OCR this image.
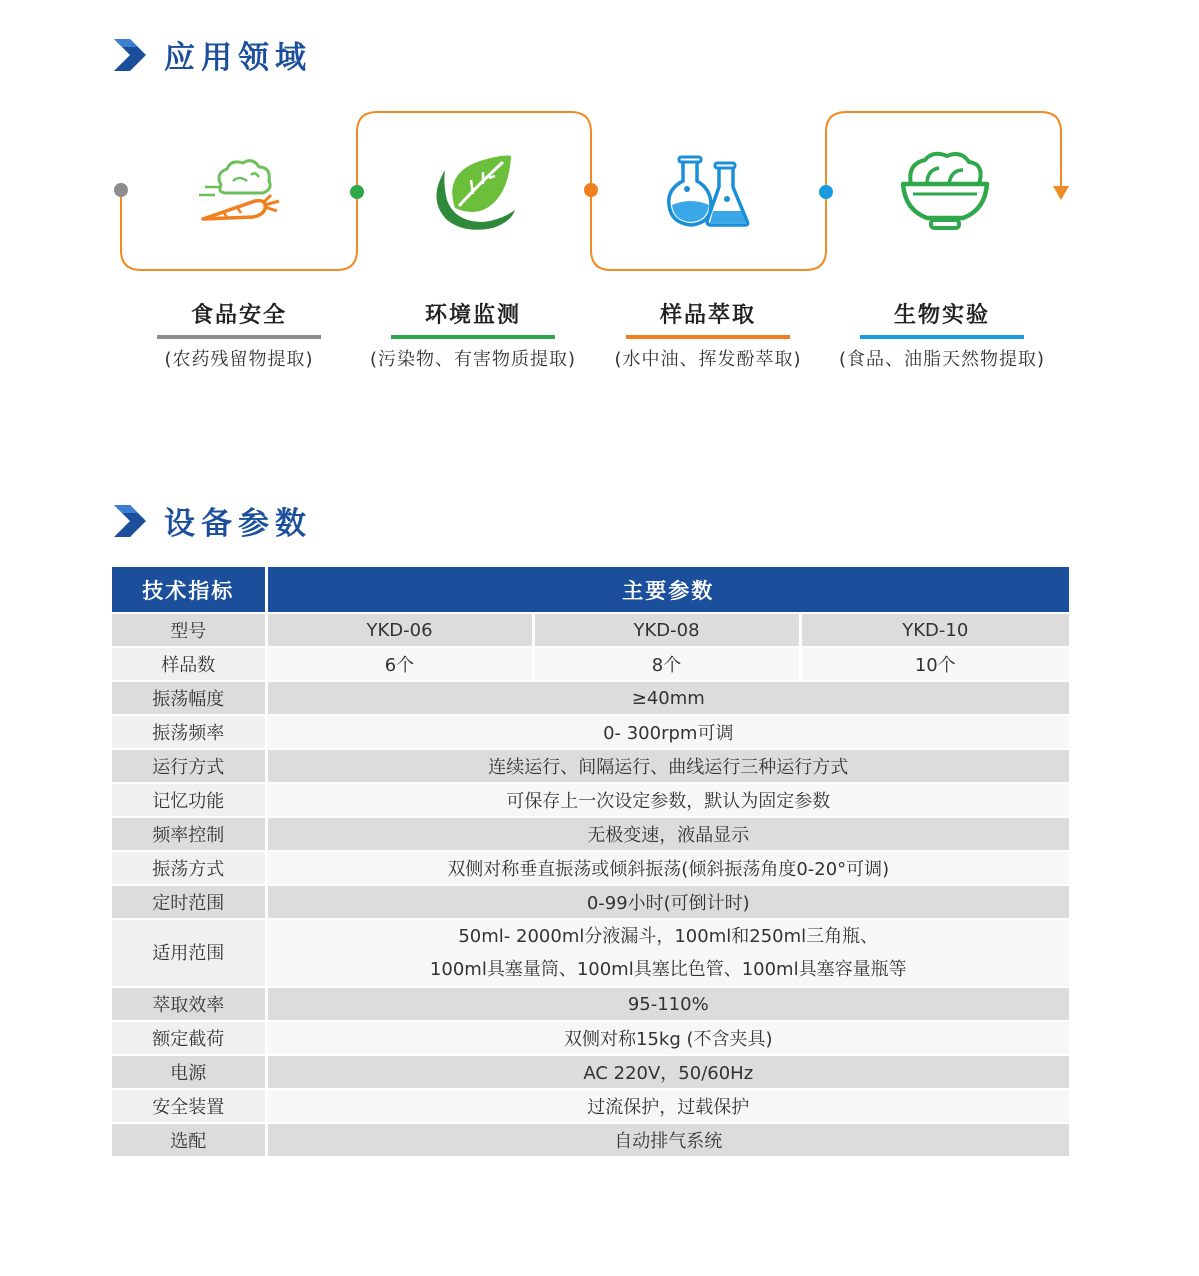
应用领域
食品安全
(农药残留物提取)
环境监测
(污染物、有害物质提取)
样品萃取
(水中油、挥发酚萃取)
生物实验
(食品、油脂天然物提取)
设备参数
技术指标	主要参数		
型号	YKD-06	YKD-08	YKD-10
样品数	6个	8个	10个
振荡幅度	≥40mm		
振荡频率	0- 300rpm可调		
运行方式	连续运行、间隔运行、曲线运行三种运行方式		
记忆功能	可保存上一次设定参数，默认为固定参数		
频率控制	无极变速，液晶显示		
振荡方式	双侧对称垂直振荡或倾斜振荡(倾斜振荡角度0-20°可调)		
定时范围	0-99小时(可倒计时)		
适用范围	50ml- 2000ml分液漏斗，100ml和250ml三角瓶、
100ml具塞量筒、100ml具塞比色管、100ml具塞容量瓶等		

萃取效率	95-110%		
额定截荷	双侧对称15kg (不含夹具)		
电源	AC 220V，50/60Hz		
安全装置	过流保护，过载保护		
选配	自动排气系统		
